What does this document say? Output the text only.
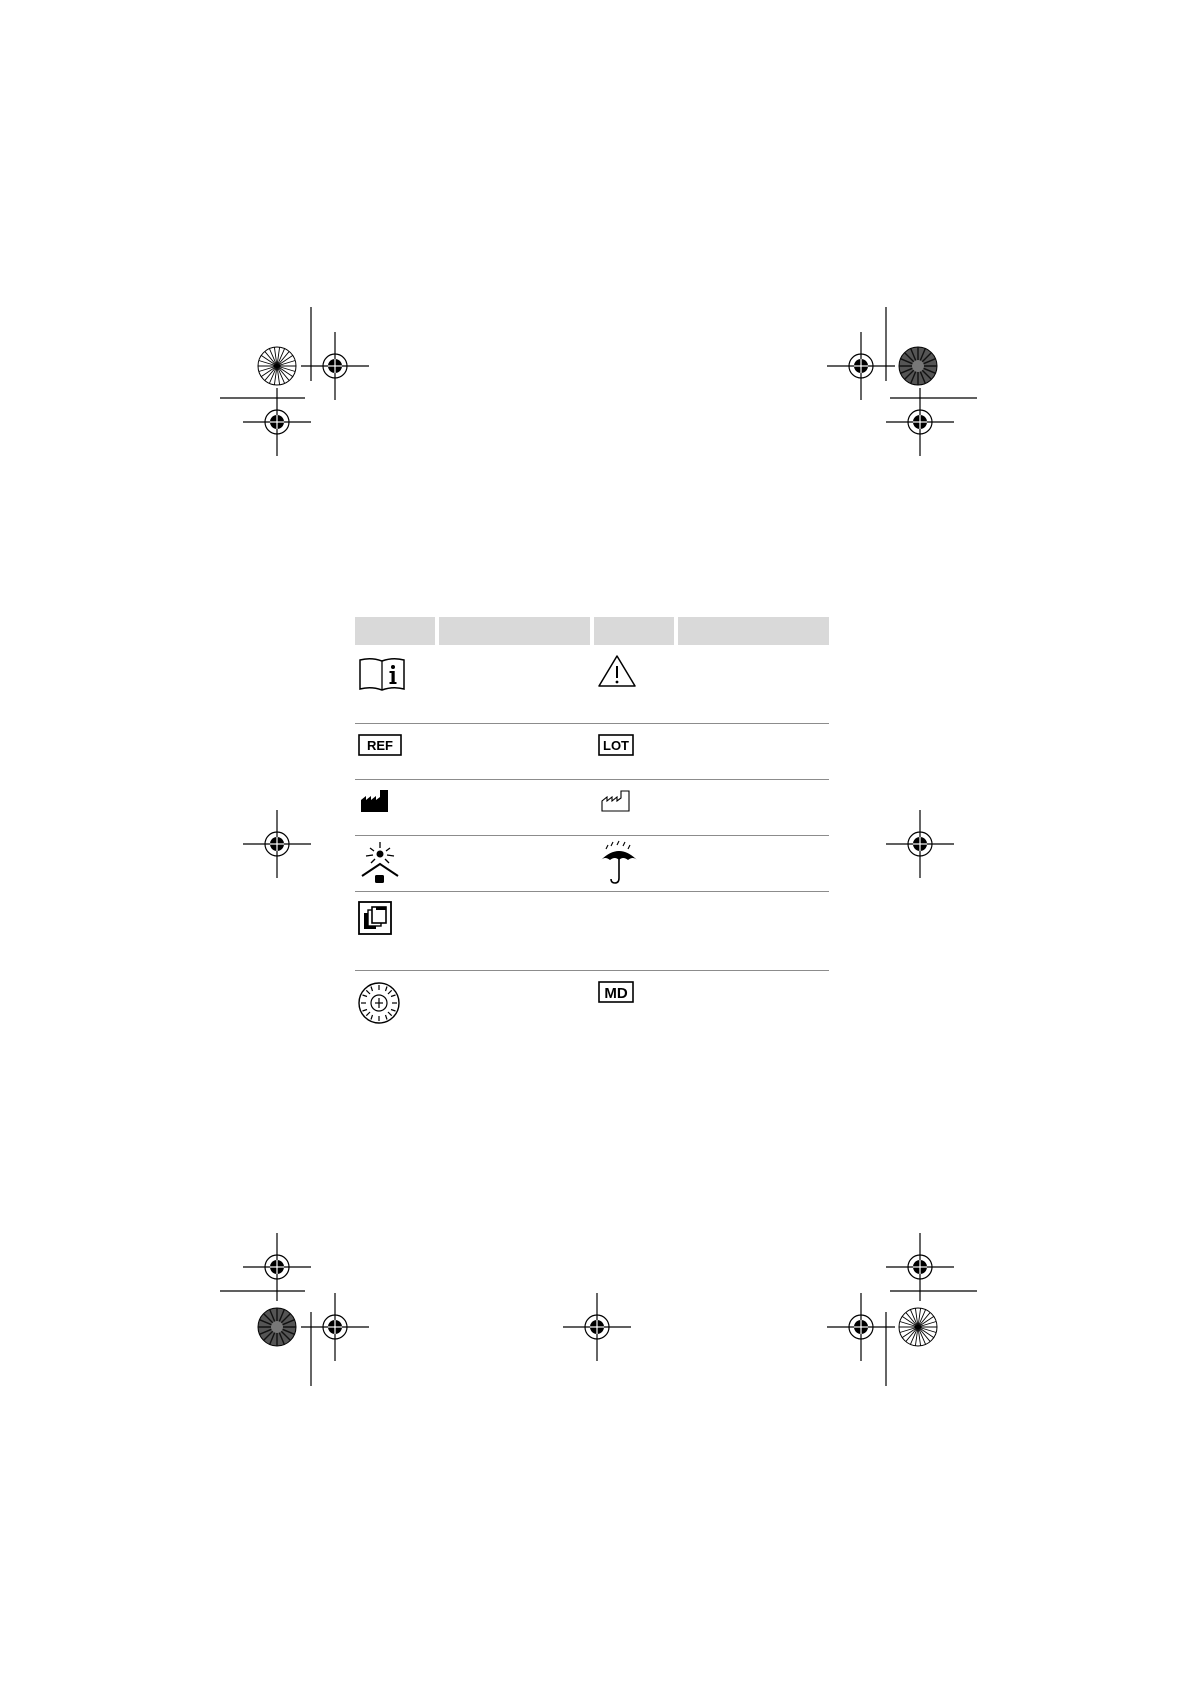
REF	LOT
MD
